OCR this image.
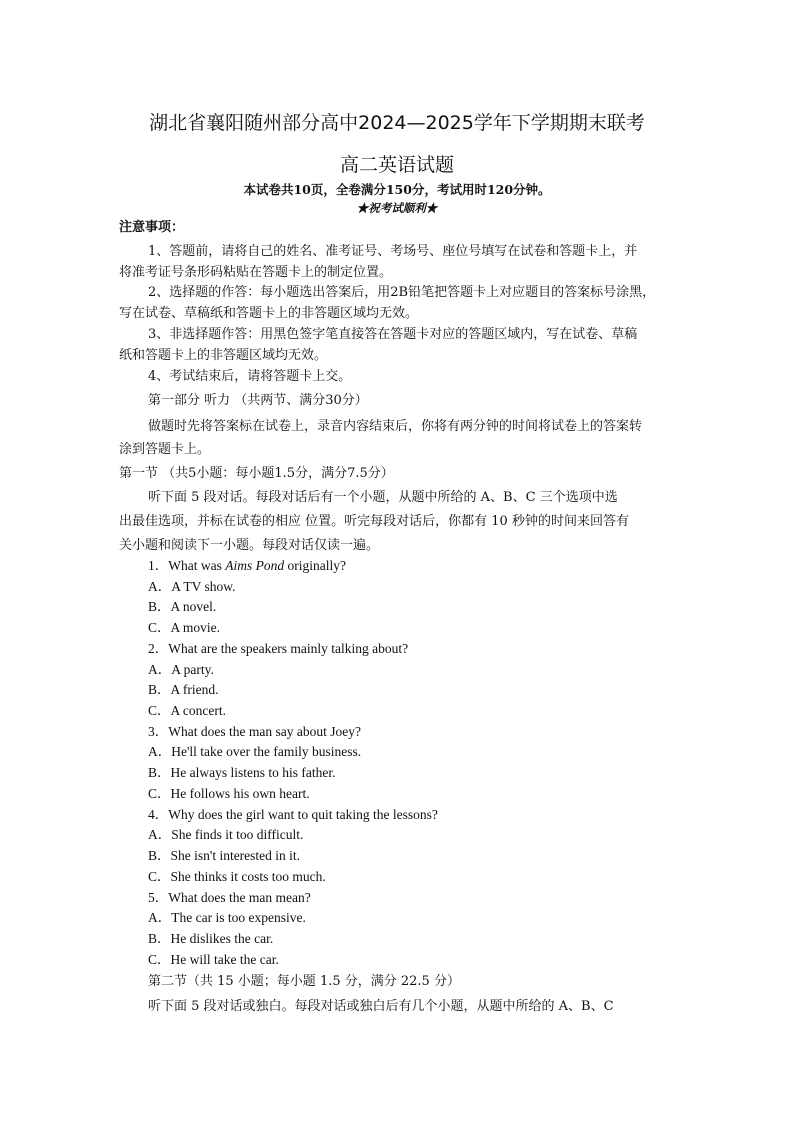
湖北省襄阳随州部分高中2024—2025学年下学期期末联考
高二英语试题
本试卷共10页，全卷满分150分，考试用时120分钟。
★祝考试顺利★
注意事项：
1、答题前，请将自己的姓名、准考证号、考场号、座位号填写在试卷和答题卡上，并
将准考证号条形码粘贴在答题卡上的制定位置。
2、选择题的作答：每小题选出答案后，用2B铅笔把答题卡上对应题目的答案标号涂黑，
写在试卷、草稿纸和答题卡上的非答题区域均无效。
3、非选择题作答：用黑色签字笔直接答在答题卡对应的答题区域内，写在试卷、草稿
纸和答题卡上的非答题区域均无效。
4、考试结束后，请将答题卡上交。
第一部分 听力 （共两节、满分30分）
做题时先将答案标在试卷上，录音内容结束后，你将有两分钟的时间将试卷上的答案转
涂到答题卡上。
第一节 （共5小题：每小题1.5分，满分7.5分）
听下面 5 段对话。每段对话后有一个小题，从题中所给的 A、B、C 三个选项中选
出最佳选项，并标在试卷的相应 位置。听完每段对话后，你都有 10 秒钟的时间来回答有
关小题和阅读下一小题。每段对话仅读一遍。
1．What was Aims Pond originally?
A．A TV show.
B．A novel.
C．A movie.
2．What are the speakers mainly talking about?
A．A party.
B．A friend.
C．A concert.
3．What does the man say about Joey?
A．He'll take over the family business.
B．He always listens to his father.
C．He follows his own heart.
4．Why does the girl want to quit taking the lessons?
A．She finds it too difficult.
B．She isn't interested in it.
C．She thinks it costs too much.
5．What does the man mean?
A．The car is too expensive.
B．He dislikes the car.
C．He will take the car.
第二节（共 15 小题；每小题 1.5 分，满分 22.5 分）
听下面 5 段对话或独白。每段对话或独白后有几个小题，从题中所给的 A、B、C
